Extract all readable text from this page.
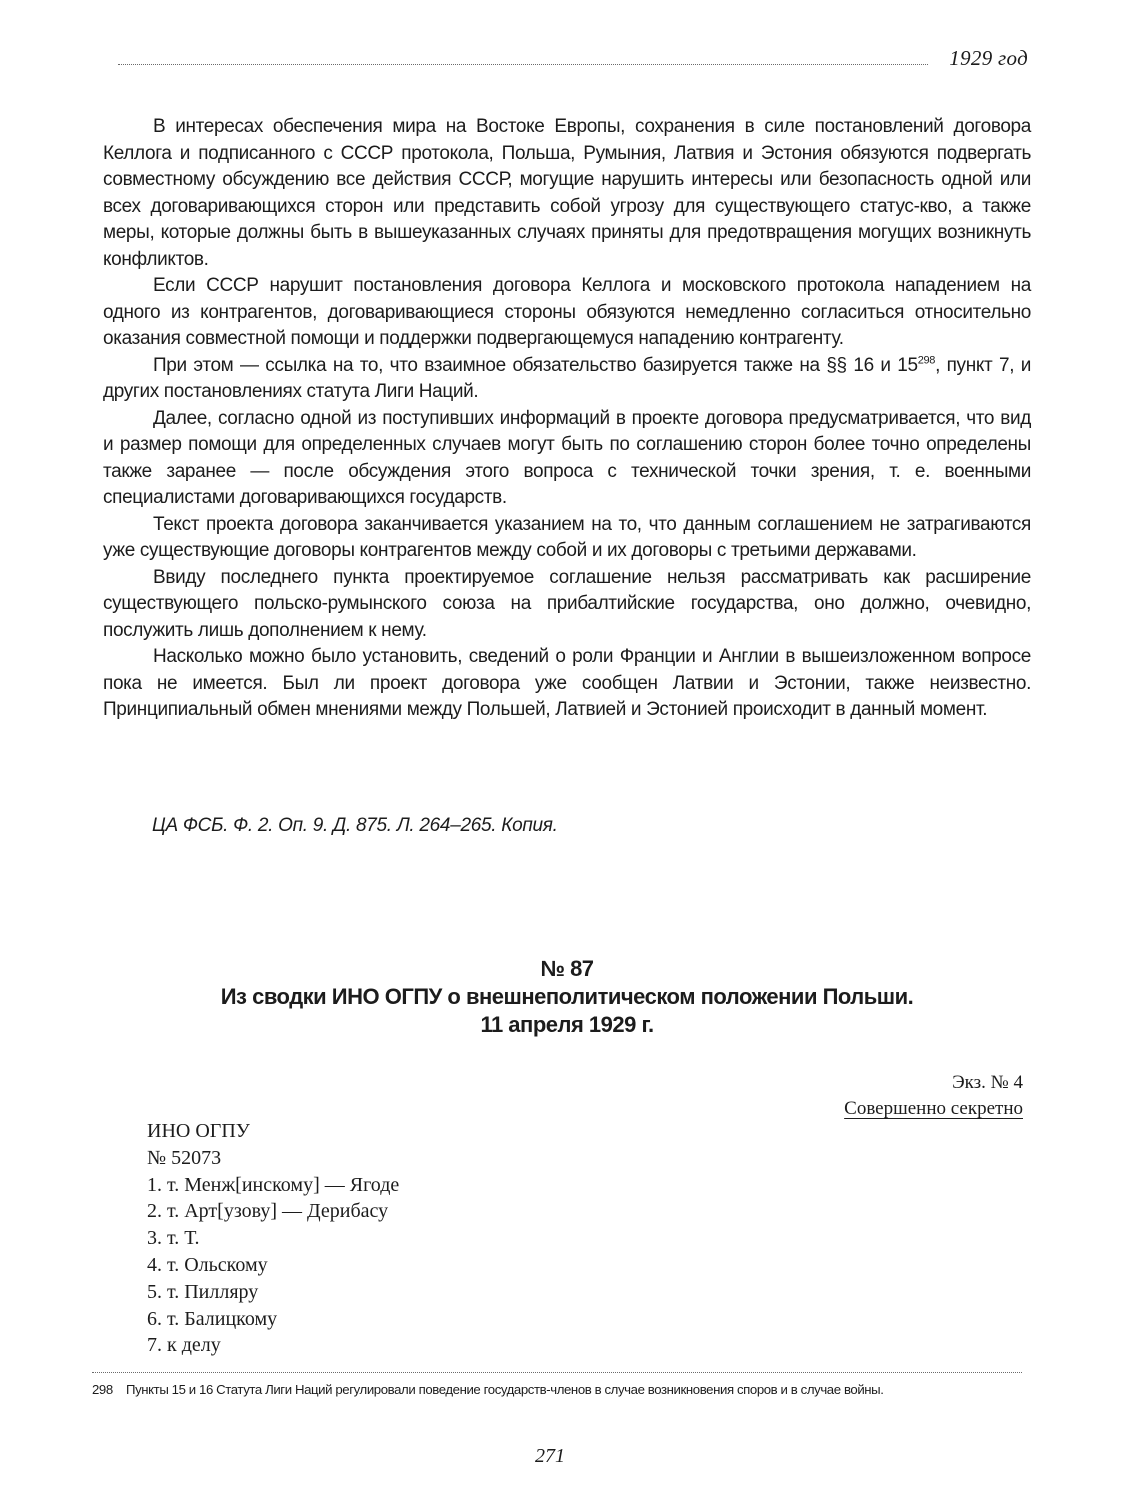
1929 год

В интересах обеспечения мира на Востоке Европы, сохранения в силе постановлений договора Келлога и подписанного с СССР протокола, Польша, Румыния, Латвия и Эстония обязуются подвергать совместному обсуждению все действия СССР, могущие нарушить интересы или безопасность одной или всех договаривающихся сторон или представить собой угрозу для существующего статус-кво, а также меры, которые должны быть в вышеуказанных случаях приняты для предотвращения могущих возникнуть конфликтов.

Если СССР нарушит постановления договора Келлога и московского протокола нападением на одного из контрагентов, договаривающиеся стороны обязуются немедленно согласиться относительно оказания совместной помощи и поддержки подвергающемуся нападению контрагенту.

При этом — ссылка на то, что взаимное обязательство базируется также на §§ 16 и $15^{298}$, пункт 7, и других постановлениях статута Лиги Наций.

Далее, согласно одной из поступивших информаций в проекте договора предусматривается, что вид и размер помощи для определенных случаев могут быть по соглашению сторон более точно определены также заранее — после обсуждения этого вопроса с технической точки зрения, т. е. военными специалистами договаривающихся государств.

Текст проекта договора заканчивается указанием на то, что данным соглашением не затрагиваются уже существующие договоры контрагентов между собой и их договоры с третьими державами.

Ввиду последнего пункта проектируемое соглашение нельзя рассматривать как расширение существующего польско-румынского союза на прибалтийские государства, оно должно, очевидно, послужить лишь дополнением к нему.

Насколько можно было установить, сведений о роли Франции и Англии в вышеизложенном вопросе пока не имеется. Был ли проект договора уже сообщен Латвии и Эстонии, также неизвестно. Принципиальный обмен мнениями между Польшей, Латвией и Эстонией происходит в данный момент.

ЦА ФСБ. Ф. 2. Оп. 9. Д. 875. Л. 264–265. Копия.
№ 87
Из сводки ИНО ОГПУ о внешнеполитическом положении Польши.
11 апреля 1929 г.
Экз. № 4
Совершенно секретно
ИНО ОГПУ
№ 52073
1. т. Менж[инскому] — Ягоде
2. т. Арт[узову] — Дерибасу
3. т. Т.
4. т. Ольскому
5. т. Пилляру
6. т. Балицкому
7. к делу
298 Пункты 15 и 16 Статута Лиги Наций регулировали поведение государств-членов в случае возникновения споров и в случае войны.
271
